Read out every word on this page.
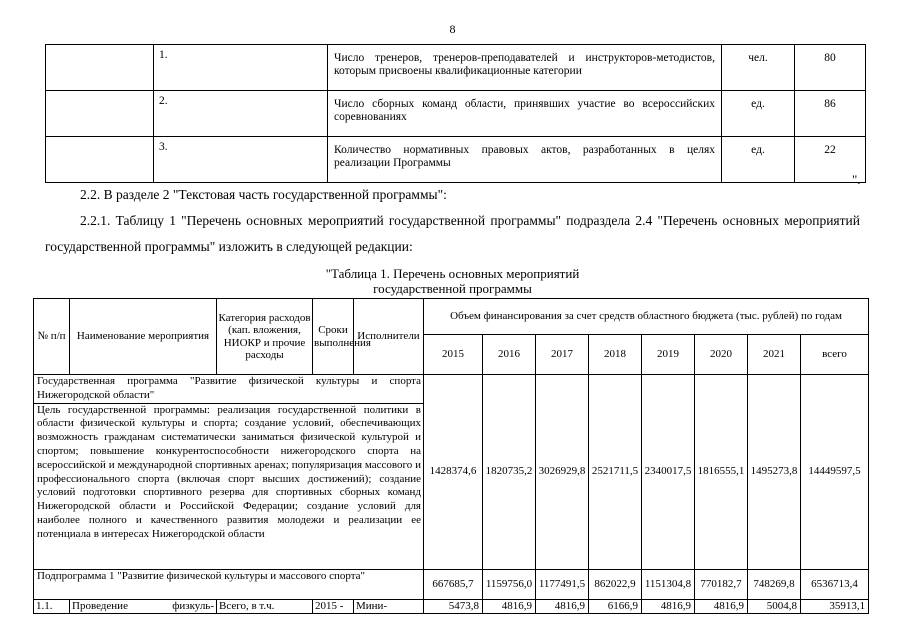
8
	1.	Число тренеров, тренеров-преподавателей и инструкторов-методистов, которым присвоены квалификационные категории	чел.	80
	2.	Число сборных команд области, принявших участие во всероссийских соревнованиях	ед.	86
	3.	Количество нормативных правовых актов, разработанных в целях реализации Программы	ед.	22
".
2.2. В разделе 2 "Текстовая часть государственной программы":
2.2.1. Таблицу 1 "Перечень основных мероприятий государственной программы" подраздела 2.4 "Перечень основных мероприятий государственной программы" изложить в следующей редакции:
"Таблица 1. Перечень основных мероприятий
государственной программы
№ п/п	Наименование мероприятия	Категория расходов (кап. вложения, НИОКР и прочие расходы	Сроки выполнения	Исполнители	Объем финансирования за счет средств областного бюджета (тыс. рублей) по годам							
					2015	2016	2017	2018	2019	2020	2021	всего
Государственная программа "Развитие физической культуры и спорта Нижегородской области"					1428374,6	1820735,2	3026929,8	2521711,5	2340017,5	1816555,1	1495273,8	14449597,5
Цель государственной программы: реализация государственной политики в области физической культуры и спорта; создание условий, обеспечивающих возможность гражданам систематически заниматься физической культурой и спортом; повышение конкурентоспособности нижегородского спорта на всероссийской и международной спортивных аренах; популяризация массового и профессионального спорта (включая спорт высших достижений); создание условий подготовки спортивного резерва для спортивных сборных команд Нижегородской области и Российской Федерации; создание условий для наиболее полного и качественного развития молодежи и реализации ее потенциала в интересах Нижегородской области												
Подпрограмма 1 "Развитие физической культуры и массового спорта"					667685,7	1159756,0	1177491,5	862022,9	1151304,8	770182,7	748269,8	6536713,4
1.1.	Проведение физкуль-	Всего, в т.ч.	2015 -	Мини-	5473,8	4816,9	4816,9	6166,9	4816,9	4816,9	5004,8	35913,1
